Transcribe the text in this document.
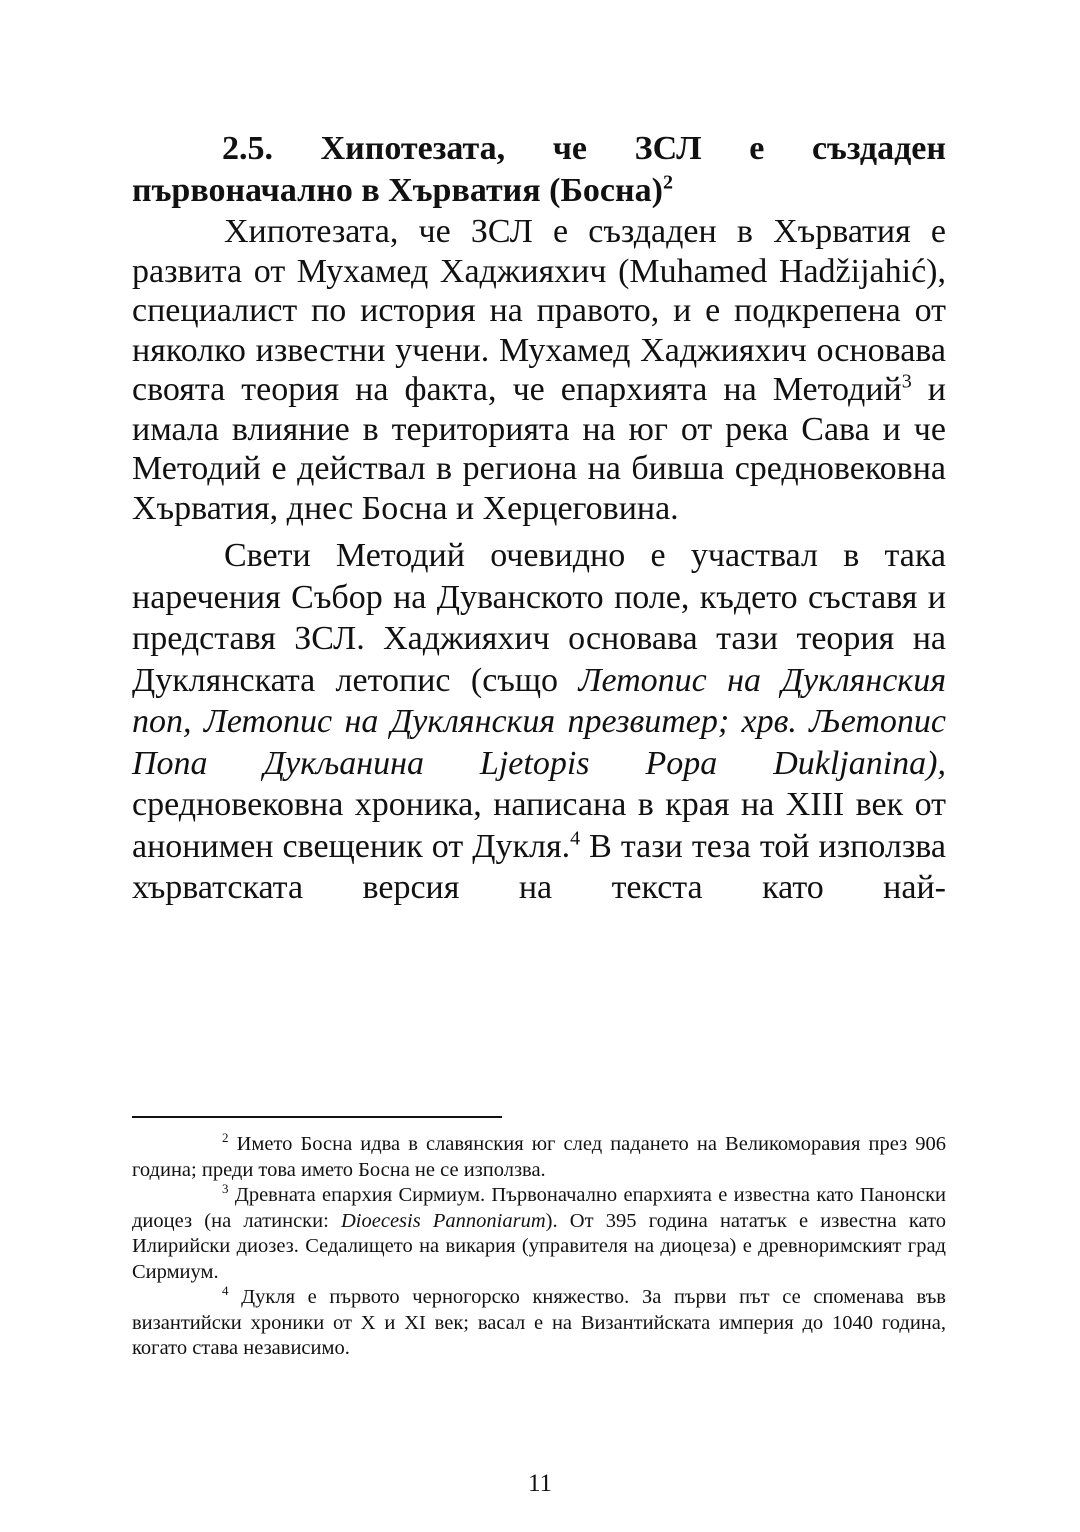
2.5. Хипотезата, че ЗСЛ е създаден първоначално в Хърватия (Босна)$^2$

Хипотезата, че ЗСЛ е създаден в Хърватия е развита от Мухамед Хаджияхич (Muhamed Hadžijahić), специалист по история на правото, и е подкрепена от няколко известни учени. Мухамед Хаджияхич основава своята теория на факта, че епархията на Методий$^3$ и имала влияние в територията на юг от река Сава и че Методий е действал в региона на бивша средновековна Хърватия, днес Босна и Херцеговина.

Свети Методий очевидно е участвал в така наречения Събор на Дуванското поле, където съставя и представя ЗСЛ. Хаджияхич основава тази теория на Дуклянската летопис (също Летопис на Дуклянския поп, Летопис на Дуклянския презвитер; хрв. Љетопис Попа Дукљанина Ljetopis Popa Dukljanina), средновековна хроника, написана в края на XIII век от анонимен свещеник от Дукля.$^4$ В тази теза той използва хърватската версия на текста като най-

$^2$ Името Босна идва в славянския юг след падането на Великоморавия през 906 година; преди това името Босна не се използва.

$^3$ Древната епархия Сирмиум. Първоначално епархията е известна като Панонски диоцез (на латински: Dioecesis Pannoniarum). От 395 година нататък е известна като Илирийски диозез. Седалището на викария (управителя на диоцеза) е древноримският град Сирмиум.

$^4$ Дукля е първото черногорско княжество. За първи път се споменава във византийски хроники от X и XI век; васал е на Византийската империя до 1040 година, когато става независимо.

11
